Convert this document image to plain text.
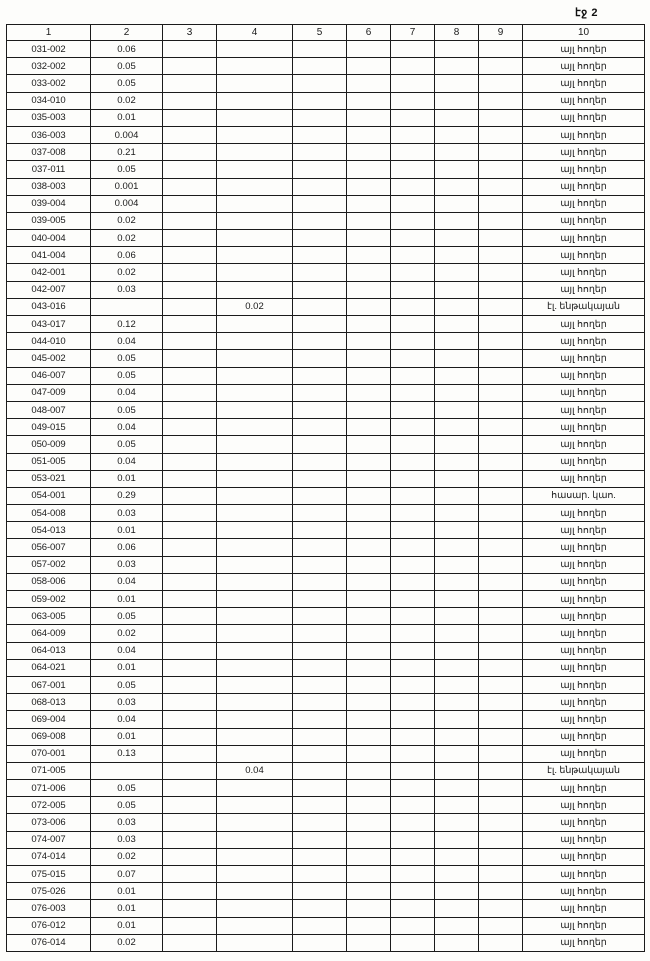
էջ 2
1	2	3	4	5	6	7	8	9	10
031-002	0.06								այլ հողեր
032-002	0.05								այլ հողեր
033-002	0.05								այլ հողեր
034-010	0.02								այլ հողեր
035-003	0.01								այլ հողեր
036-003	0.004								այլ հողեր
037-008	0.21								այլ հողեր
037-011	0.05								այլ հողեր
038-003	0.001								այլ հողեր
039-004	0.004								այլ հողեր
039-005	0.02								այլ հողեր
040-004	0.02								այլ հողեր
041-004	0.06								այլ հողեր
042-001	0.02								այլ հողեր
042-007	0.03								այլ հողեր
043-016			0.02						էլ. ենթակայան
043-017	0.12								այլ հողեր
044-010	0.04								այլ հողեր
045-002	0.05								այլ հողեր
046-007	0.05								այլ հողեր
047-009	0.04								այլ հողեր
048-007	0.05								այլ հողեր
049-015	0.04								այլ հողեր
050-009	0.05								այլ հողեր
051-005	0.04								այլ հողեր
053-021	0.01								այլ հողեր
054-001	0.29								հասար. կաո.
054-008	0.03								այլ հողեր
054-013	0.01								այլ հողեր
056-007	0.06								այլ հողեր
057-002	0.03								այլ հողեր
058-006	0.04								այլ հողեր
059-002	0.01								այլ հողեր
063-005	0.05								այլ հողեր
064-009	0.02								այլ հողեր
064-013	0.04								այլ հողեր
064-021	0.01								այլ հողեր
067-001	0.05								այլ հողեր
068-013	0.03								այլ հողեր
069-004	0.04								այլ հողեր
069-008	0.01								այլ հողեր
070-001	0.13								այլ հողեր
071-005			0.04						էլ. ենթակայան
071-006	0.05								այլ հողեր
072-005	0.05								այլ հողեր
073-006	0.03								այլ հողեր
074-007	0.03								այլ հողեր
074-014	0.02								այլ հողեր
075-015	0.07								այլ հողեր
075-026	0.01								այլ հողեր
076-003	0.01								այլ հողեր
076-012	0.01								այլ հողեր
076-014	0.02								այլ հողեր
